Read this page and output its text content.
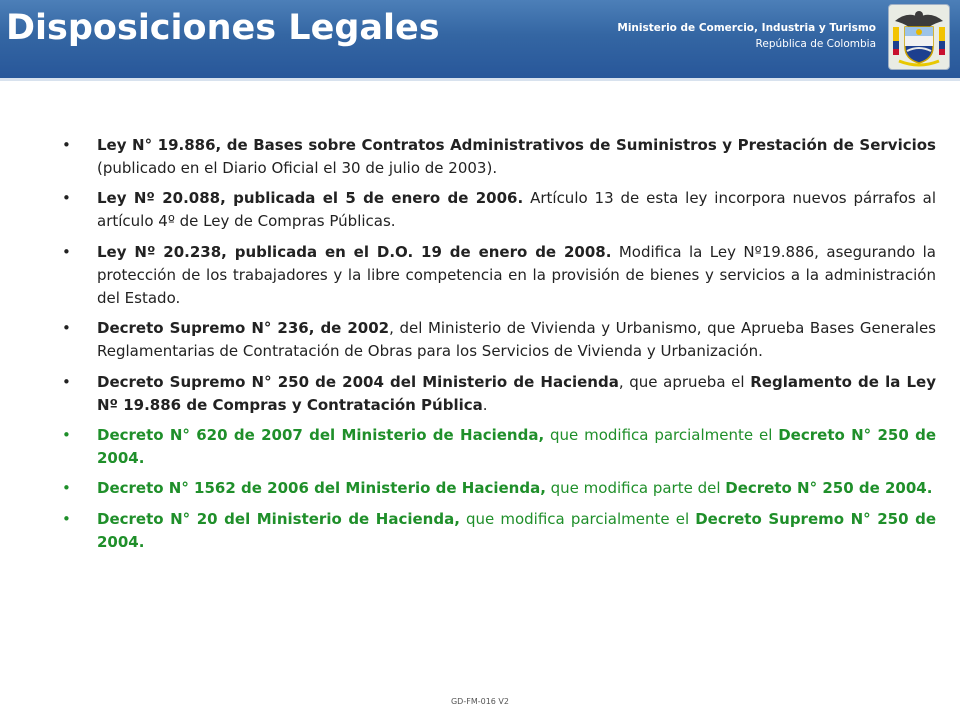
Disposiciones Legales	Ministerio de Comercio, Industria y Turismo
República de Colombia
• Ley N° 19.886, de Bases sobre Contratos Administrativos de Suministros y Prestación de Servicios (publicado en el Diario Oficial el 30 de julio de 2003).
• Ley Nº 20.088, publicada el 5 de enero de 2006. Artículo 13 de esta ley incorpora nuevos párrafos al artículo 4º de Ley de Compras Públicas.
• Ley Nº 20.238, publicada en el D.O. 19 de enero de 2008. Modifica la Ley Nº19.886, asegurando la protección de los trabajadores y la libre competencia en la provisión de bienes y servicios a la administración del Estado.
• Decreto Supremo N° 236, de 2002, del Ministerio de Vivienda y Urbanismo, que Aprueba Bases Generales Reglamentarias de Contratación de Obras para los Servicios de Vivienda y Urbanización.
• Decreto Supremo N° 250 de 2004 del Ministerio de Hacienda, que aprueba el Reglamento de la Ley Nº 19.886 de Compras y Contratación Pública.
• Decreto N° 620 de 2007 del Ministerio de Hacienda, que modifica parcialmente el Decreto N° 250 de 2004.
• Decreto N° 1562 de 2006 del Ministerio de Hacienda, que modifica parte del Decreto N° 250 de 2004.
• Decreto N° 20 del Ministerio de Hacienda, que modifica parcialmente el Decreto Supremo N° 250 de 2004.
GD-FM-016 V2
